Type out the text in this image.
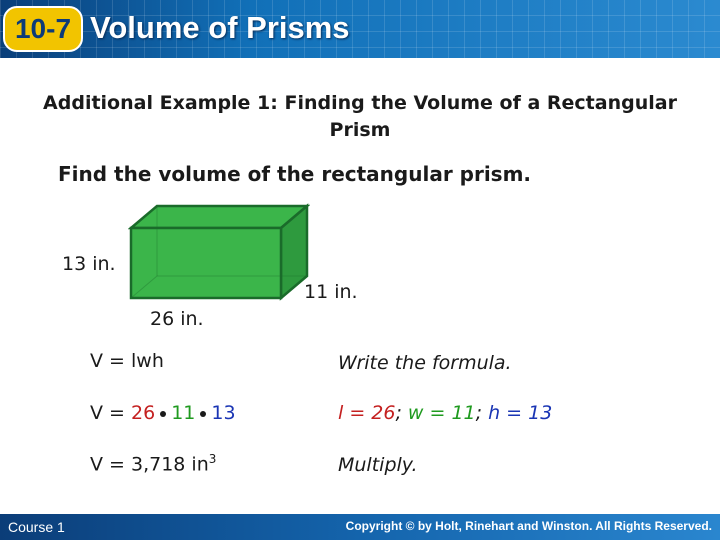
10-7 Volume of Prisms
Additional Example 1: Finding the Volume of a Rectangular Prism
Find the volume of the rectangular prism.
13 in.
26 in.
11 in.
V = lwh	Write the formula.
V = 26 11 13	l = 26; w = 11; h = 13
V = 3,718 $in^3$	Multiply.
Course 1	Copyright © by Holt, Rinehart and Winston. All Rights Reserved.
